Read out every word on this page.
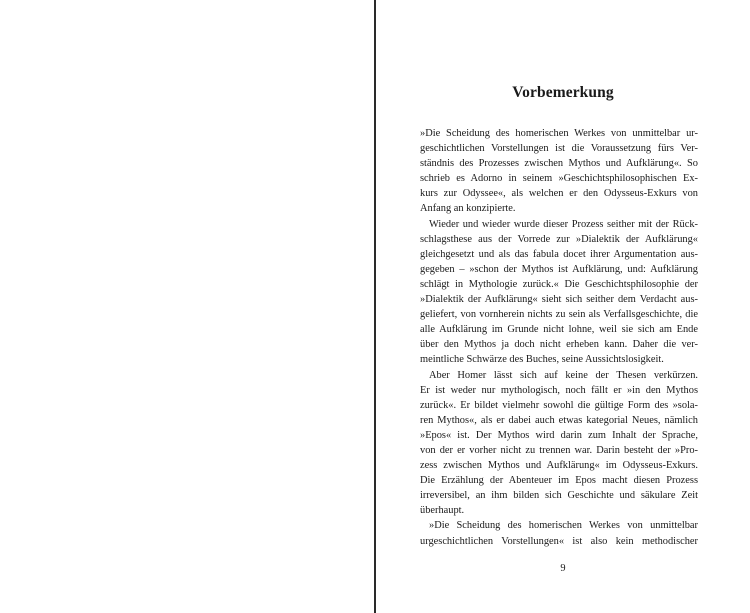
Vorbemerkung
»Die Scheidung des homerischen Werkes von unmittelbar ur-
geschichtlichen Vorstellungen ist die Voraussetzung fürs Ver-
ständnis des Prozesses zwischen Mythos und Aufklärung«. So
schrieb es Adorno in seinem »Geschichtsphilosophischen Ex-
kurs zur Odyssee«, als welchen er den Odysseus-Exkurs von
Anfang an konzipierte.
Wieder und wieder wurde dieser Prozess seither mit der Rück-
schlagsthese aus der Vorrede zur »Dialektik der Aufklärung«
gleichgesetzt und als das fabula docet ihrer Argumentation aus-
gegeben – »schon der Mythos ist Aufklärung, und: Aufklärung
schlägt in Mythologie zurück.« Die Geschichtsphilosophie der
»Dialektik der Aufklärung« sieht sich seither dem Verdacht aus-
geliefert, von vornherein nichts zu sein als Verfallsgeschichte, die
alle Aufklärung im Grunde nicht lohne, weil sie sich am Ende
über den Mythos ja doch nicht erheben kann. Daher die ver-
meintliche Schwärze des Buches, seine Aussichtslosigkeit.
Aber Homer lässt sich auf keine der Thesen verkürzen.
Er ist weder nur mythologisch, noch fällt er »in den Mythos
zurück«. Er bildet vielmehr sowohl die gültige Form des »sola-
ren Mythos«, als er dabei auch etwas kategorial Neues, nämlich
»Epos« ist. Der Mythos wird darin zum Inhalt der Sprache,
von der er vorher nicht zu trennen war. Darin besteht der »Pro-
zess zwischen Mythos und Aufklärung« im Odysseus-Exkurs.
Die Erzählung der Abenteuer im Epos macht diesen Prozess
irreversibel, an ihm bilden sich Geschichte und säkulare Zeit
überhaupt.
»Die Scheidung des homerischen Werkes von unmittelbar
urgeschichtlichen Vorstellungen« ist also kein methodischer
9
